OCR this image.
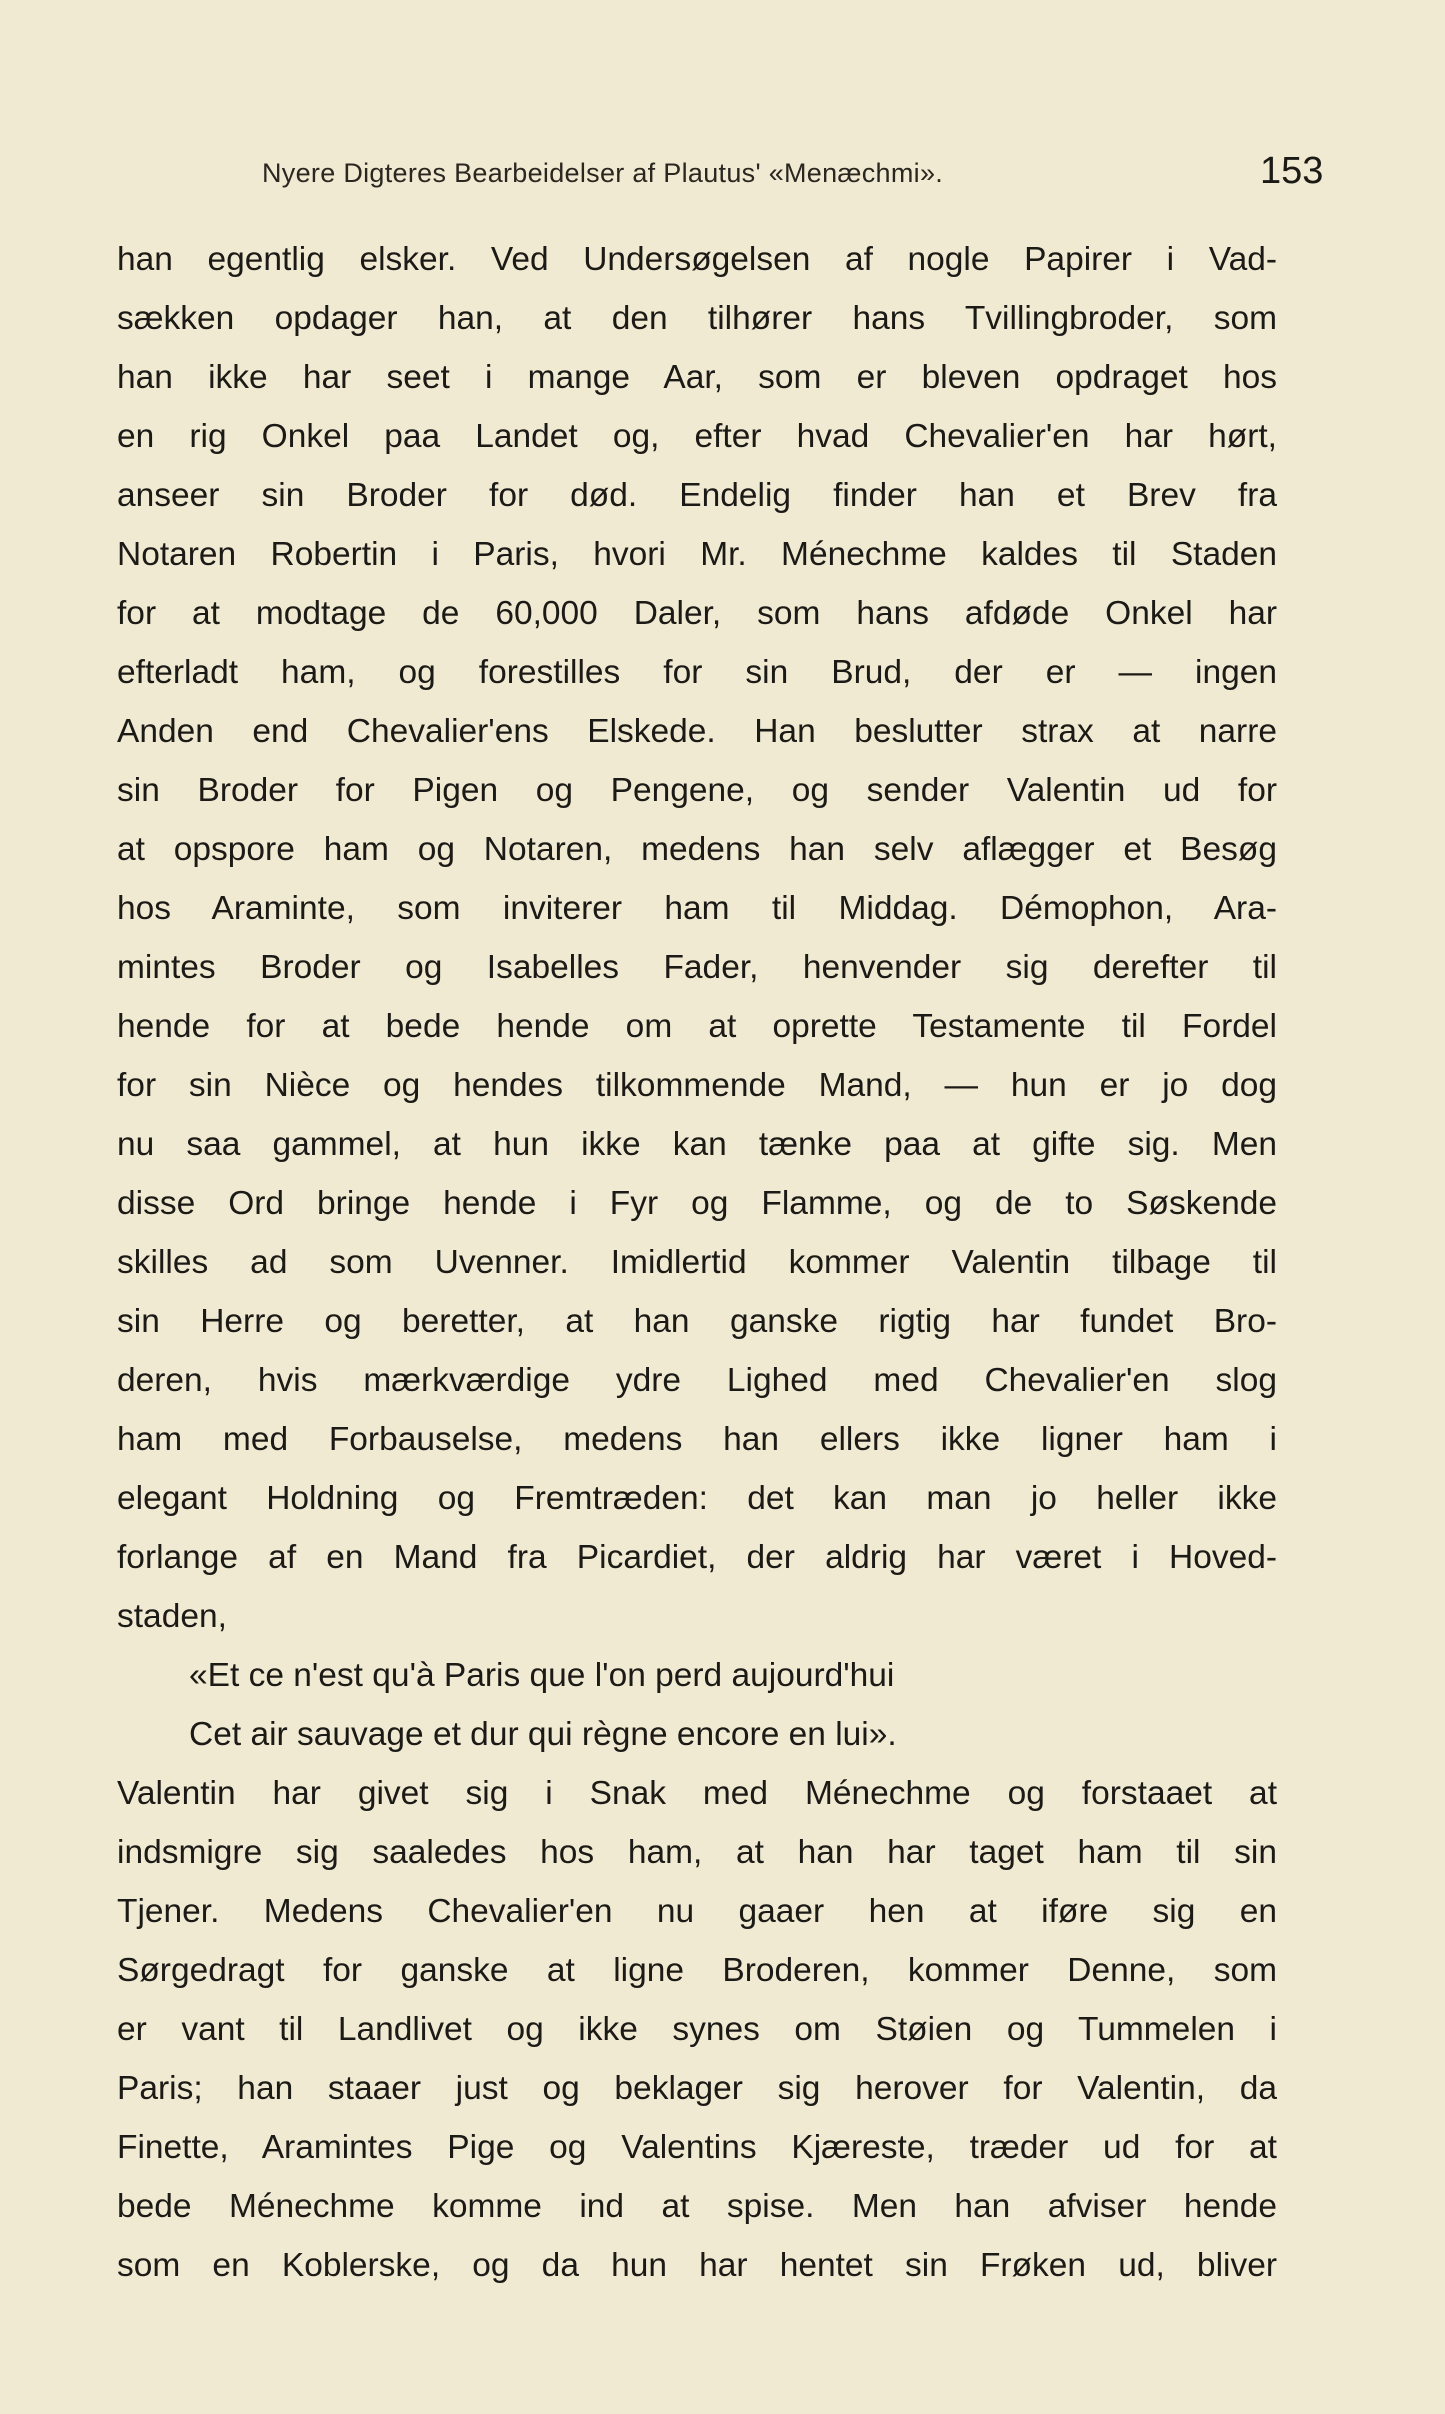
Nyere Digteres Bearbeidelser af Plautus' «Menæchmi».	153
han egentlig elsker. Ved Undersøgelsen af nogle Papirer i Vad-
sækken opdager han, at den tilhører hans Tvillingbroder, som
han ikke har seet i mange Aar, som er bleven opdraget hos
en rig Onkel paa Landet og, efter hvad Chevalier'en har hørt,
anseer sin Broder for død. Endelig finder han et Brev fra
Notaren Robertin i Paris, hvori Mr. Ménechme kaldes til Staden
for at modtage de 60,000 Daler, som hans afdøde Onkel har
efterladt ham, og forestilles for sin Brud, der er — ingen
Anden end Chevalier'ens Elskede. Han beslutter strax at narre
sin Broder for Pigen og Pengene, og sender Valentin ud for
at opspore ham og Notaren, medens han selv aflægger et Besøg
hos Araminte, som inviterer ham til Middag. Démophon, Ara-
mintes Broder og Isabelles Fader, henvender sig derefter til
hende for at bede hende om at oprette Testamente til Fordel
for sin Nièce og hendes tilkommende Mand, — hun er jo dog
nu saa gammel, at hun ikke kan tænke paa at gifte sig. Men
disse Ord bringe hende i Fyr og Flamme, og de to Søskende
skilles ad som Uvenner. Imidlertid kommer Valentin tilbage til
sin Herre og beretter, at han ganske rigtig har fundet Bro-
deren, hvis mærkværdige ydre Lighed med Chevalier'en slog
ham med Forbauselse, medens han ellers ikke ligner ham i
elegant Holdning og Fremtræden: det kan man jo heller ikke
forlange af en Mand fra Picardiet, der aldrig har været i Hoved-
staden,
«Et ce n'est qu'à Paris que l'on perd aujourd'hui
Cet air sauvage et dur qui règne encore en lui».
Valentin har givet sig i Snak med Ménechme og forstaaet at
indsmigre sig saaledes hos ham, at han har taget ham til sin
Tjener. Medens Chevalier'en nu gaaer hen at iføre sig en
Sørgedragt for ganske at ligne Broderen, kommer Denne, som
er vant til Landlivet og ikke synes om Støien og Tummelen i
Paris; han staaer just og beklager sig herover for Valentin, da
Finette, Aramintes Pige og Valentins Kjæreste, træder ud for at
bede Ménechme komme ind at spise. Men han afviser hende
som en Koblerske, og da hun har hentet sin Frøken ud, bliver
